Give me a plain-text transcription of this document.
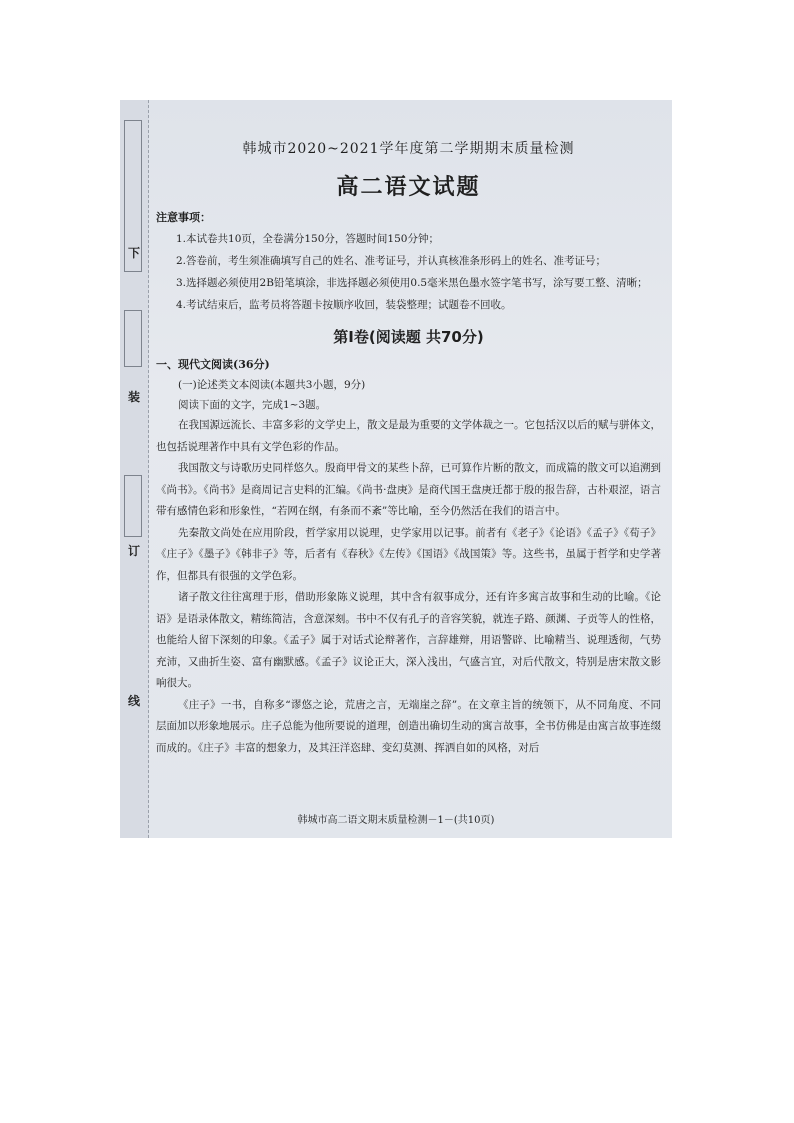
下
装
订
线
韩城市2020~2021学年度第二学期期末质量检测
高二语文试题
注意事项：
1.本试卷共10页，全卷满分150分，答题时间150分钟；
2.答卷前，考生须准确填写自己的姓名、准考证号，并认真核准条形码上的姓名、准考证号；
3.选择题必须使用2B铅笔填涂，非选择题必须使用0.5毫米黑色墨水签字笔书写，涂写要工整、清晰；
4.考试结束后，监考员将答题卡按顺序收回，装袋整理；试题卷不回收。
第Ⅰ卷(阅读题 共70分)
一、现代文阅读(36分)
(一)论述类文本阅读(本题共3小题，9分)
阅读下面的文字，完成1~3题。
在我国源远流长、丰富多彩的文学史上，散文是最为重要的文学体裁之一。它包括汉以后的赋与骈体文，也包括说理著作中具有文学色彩的作品。
我国散文与诗歌历史同样悠久。殷商甲骨文的某些卜辞，已可算作片断的散文，而成篇的散文可以追溯到《尚书》。《尚书》是商周记言史料的汇编。《尚书·盘庚》是商代国王盘庚迁都于殷的报告辞，古朴艰涩，语言带有感情色彩和形象性，“若网在纲，有条而不紊”等比喻，至今仍然活在我们的语言中。
先秦散文尚处在应用阶段，哲学家用以说理，史学家用以记事。前者有《老子》《论语》《孟子》《荀子》《庄子》《墨子》《韩非子》等，后者有《春秋》《左传》《国语》《战国策》等。这些书，虽属于哲学和史学著作，但都具有很强的文学色彩。
诸子散文往往寓理于形，借助形象陈义说理，其中含有叙事成分，还有许多寓言故事和生动的比喻。《论语》是语录体散文，精练简洁，含意深刻。书中不仅有孔子的音容笑貌，就连子路、颜渊、子贡等人的性格，也能给人留下深刻的印象。《孟子》属于对话式论辩著作，言辞雄辩，用语警辟、比喻精当、说理透彻，气势充沛，又曲折生姿、富有幽默感。《孟子》议论正大，深入浅出，气盛言宜，对后代散文，特别是唐宋散文影响很大。
《庄子》一书，自称多“谬悠之论，荒唐之言，无端崖之辞”。在文章主旨的统领下，从不同角度、不同层面加以形象地展示。庄子总能为他所要说的道理，创造出确切生动的寓言故事，全书仿佛是由寓言故事连缀而成的。《庄子》丰富的想象力，及其汪洋恣肆、变幻莫测、挥洒自如的风格，对后
韩城市高二语文期末质量检测－1－(共10页)
